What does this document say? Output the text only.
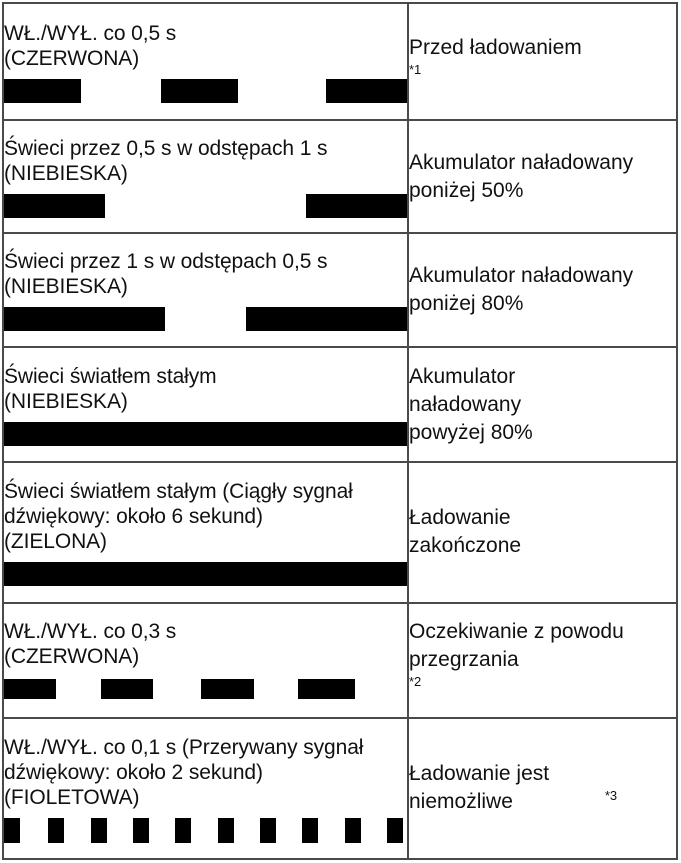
WŁ./WYŁ. co 0,5 s (CZERWONA)	Przed ładowaniem
$^{*1}$

Świeci przez 0,5 s w odstępach 1 s (NIEBIESKA)	Akumulator naładowany poniżej 50%

Świeci przez 1 s w odstępach 0,5 s (NIEBIESKA)	Akumulator naładowany poniżej 80%

Świeci światłem stałym (NIEBIESKA)	Akumulator naładowany powyżej 80%

Świeci światłem stałym (Ciągły sygnał dźwiękowy: około 6 sekund) (ZIELONA)	Ładowanie zakończone

WŁ./WYŁ. co 0,3 s (CZERWONA)	Oczekiwanie z powodu przegrzania
$^{*2}$

WŁ./WYŁ. co 0,1 s (Przerywany sygnał dźwiękowy: około 2 sekund) (FIOLETOWA)	Ładowanie jest niemożliwe $^{*3}$
